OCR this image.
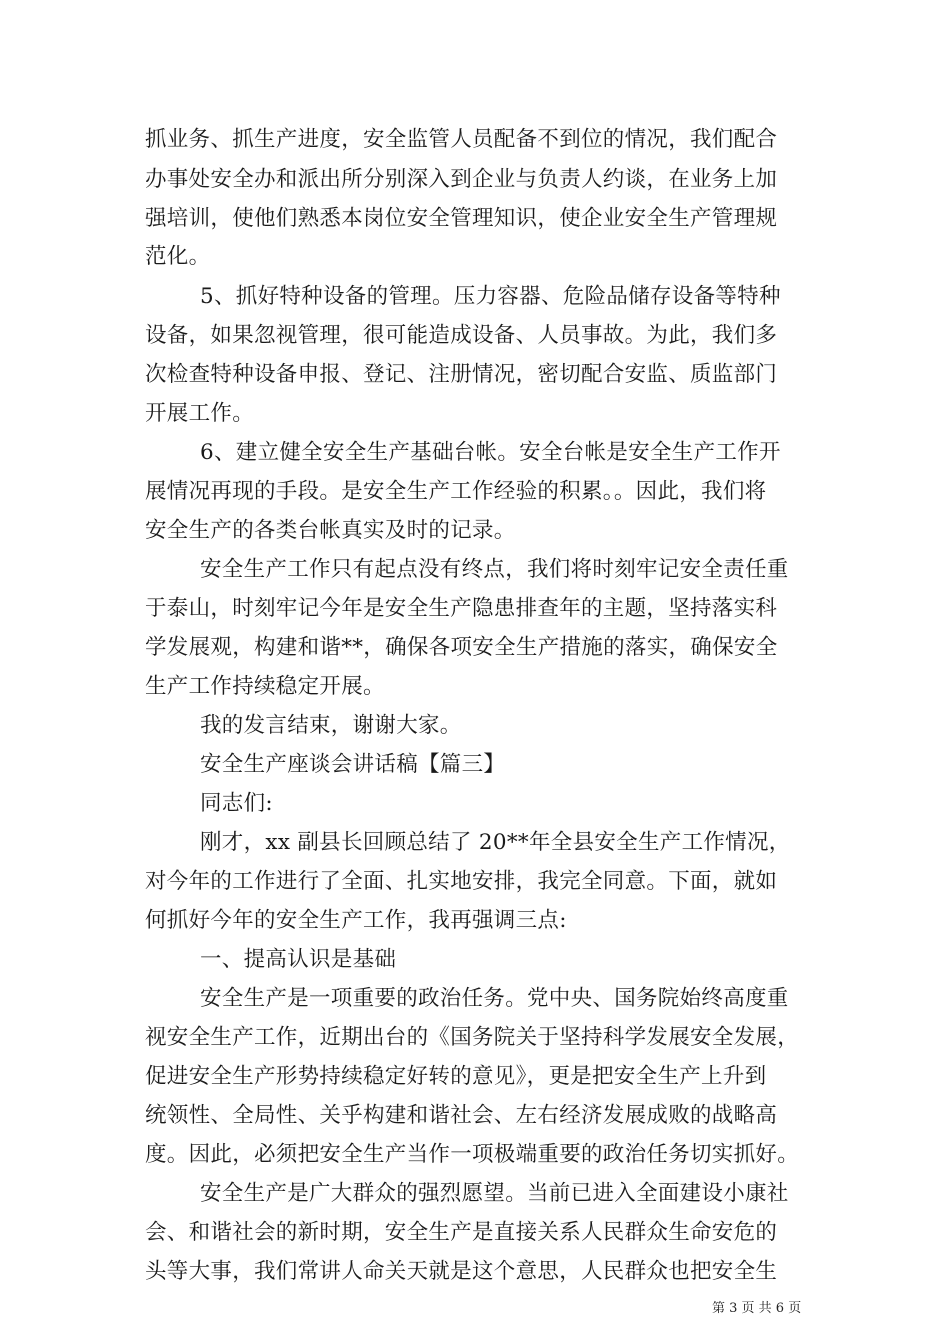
抓业务、抓生产进度，安全监管人员配备不到位的情况，我们配合
办事处安全办和派出所分别深入到企业与负责人约谈，在业务上加
强培训，使他们熟悉本岗位安全管理知识，使企业安全生产管理规
范化。
5、抓好特种设备的管理。压力容器、危险品储存设备等特种
设备，如果忽视管理，很可能造成设备、人员事故。为此，我们多
次检查特种设备申报、登记、注册情况，密切配合安监、质监部门
开展工作。
6、建立健全安全生产基础台帐。安全台帐是安全生产工作开
展情况再现的手段。是安全生产工作经验的积累。。因此，我们将
安全生产的各类台帐真实及时的记录。
安全生产工作只有起点没有终点，我们将时刻牢记安全责任重
于泰山，时刻牢记今年是安全生产隐患排查年的主题，坚持落实科
学发展观，构建和谐**，确保各项安全生产措施的落实，确保安全
生产工作持续稳定开展。
我的发言结束，谢谢大家。
安全生产座谈会讲话稿【篇三】
同志们:
刚才，xx 副县长回顾总结了 20**年全县安全生产工作情况，
对今年的工作进行了全面、扎实地安排，我完全同意。下面，就如
何抓好今年的安全生产工作，我再强调三点:
一、提高认识是基础
安全生产是一项重要的政治任务。党中央、国务院始终高度重
视安全生产工作，近期出台的《国务院关于坚持科学发展安全发展，
促进安全生产形势持续稳定好转的意见》，更是把安全生产上升到
统领性、全局性、关乎构建和谐社会、左右经济发展成败的战略高
度。因此，必须把安全生产当作一项极端重要的政治任务切实抓好。
安全生产是广大群众的强烈愿望。当前已进入全面建设小康社
会、和谐社会的新时期，安全生产是直接关系人民群众生命安危的
头等大事，我们常讲人命关天就是这个意思，人民群众也把安全生
第 3 页 共 6 页
